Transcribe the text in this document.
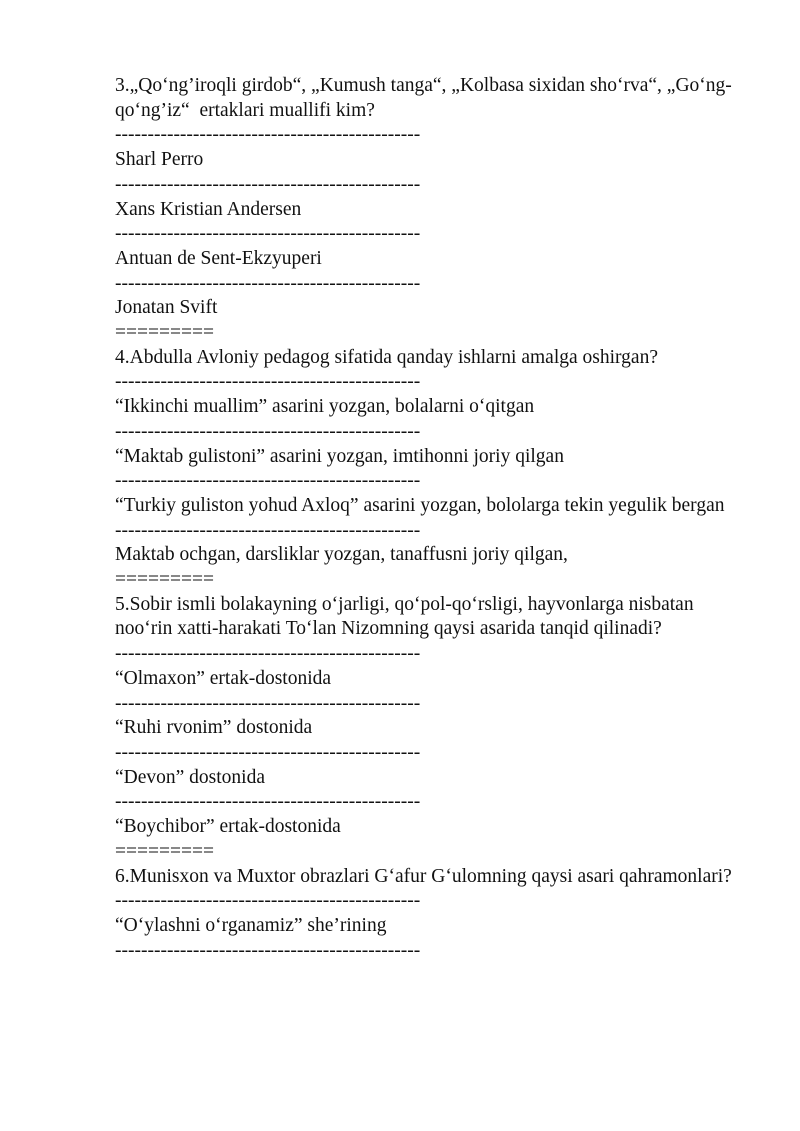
3.„Qo‘ng’iroqli girdob“, „Kumush tanga“, „Kolbasa sixidan sho‘rva“, „Go‘ng-qo‘ng’iz“  ertaklari muallifi kim?
-----------------------------------------------
Sharl Perro
-----------------------------------------------
Xans Kristian Andersen
-----------------------------------------------
Antuan de Sent-Ekzyuperi
-----------------------------------------------
Jonatan Svift
=========
4.Abdulla Avloniy pedagog sifatida qanday ishlarni amalga oshirgan?
-----------------------------------------------
“Ikkinchi muallim” asarini yozgan, bolalarni o‘qitgan
-----------------------------------------------
“Maktab gulistoni” asarini yozgan, imtihonni joriy qilgan
-----------------------------------------------
“Turkiy guliston yohud Axloq” asarini yozgan, bololarga tekin yegulik bergan
-----------------------------------------------
Maktab ochgan, darsliklar yozgan, tanaffusni joriy qilgan,
=========
5.Sobir ismli bolakayning o‘jarligi, qo‘pol-qo‘rsligi, hayvonlarga nisbatan noo‘rin xatti-harakati To‘lan Nizomning qaysi asarida tanqid qilinadi?
-----------------------------------------------
“Olmaxon” ertak-dostonida
-----------------------------------------------
“Ruhi rvonim” dostonida
-----------------------------------------------
“Devon” dostonida
-----------------------------------------------
“Boychibor” ertak-dostonida
=========
6.Munisxon va Muxtor obrazlari G‘afur G‘ulomning qaysi asari qahramonlari?
-----------------------------------------------
“O‘ylashni o‘rganamiz” she’rining
-----------------------------------------------
